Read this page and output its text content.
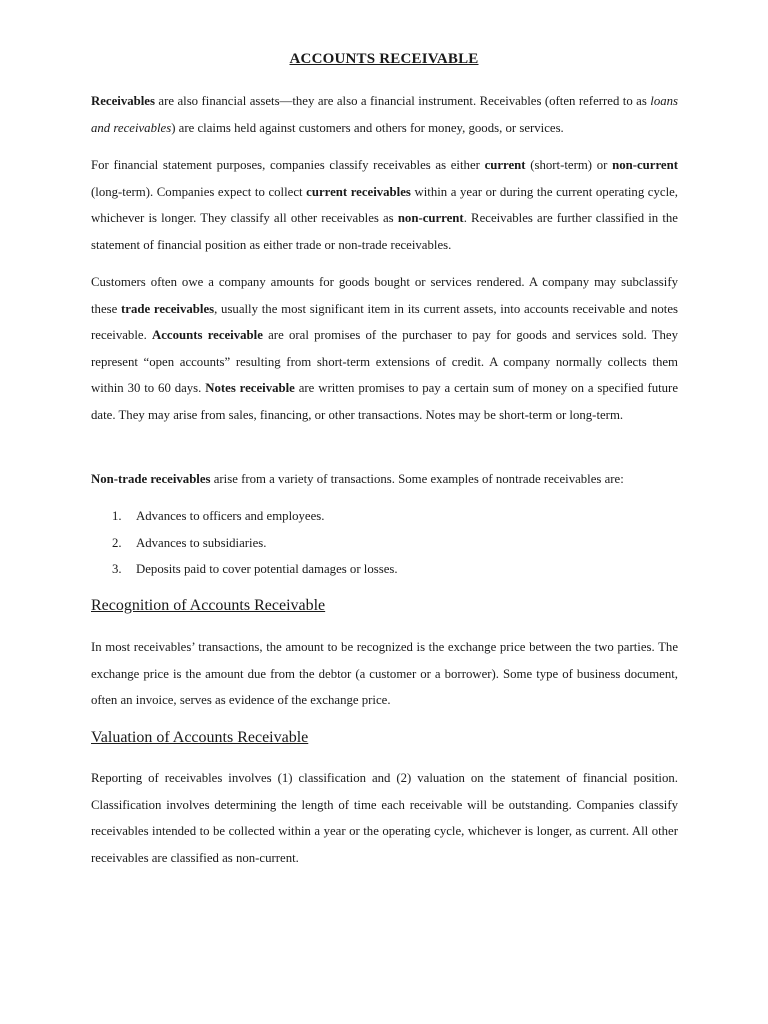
ACCOUNTS RECEIVABLE

Receivables are also financial assets—they are also a financial instrument. Receivables (often referred to as loans and receivables) are claims held against customers and others for money, goods, or services.

For financial statement purposes, companies classify receivables as either current (short-term) or non-current (long-term). Companies expect to collect current receivables within a year or during the current operating cycle, whichever is longer. They classify all other receivables as non-current. Receivables are further classified in the statement of financial position as either trade or non-trade receivables.

Customers often owe a company amounts for goods bought or services rendered. A company may subclassify these trade receivables, usually the most significant item in its current assets, into accounts receivable and notes receivable. Accounts receivable are oral promises of the purchaser to pay for goods and services sold. They represent “open accounts” resulting from short-term extensions of credit. A company normally collects them within 30 to 60 days. Notes receivable are written promises to pay a certain sum of money on a specified future date. They may arise from sales, financing, or other transactions. Notes may be short-term or long-term.

Non-trade receivables arise from a variety of transactions. Some examples of nontrade receivables are:

1. Advances to officers and employees.
2. Advances to subsidiaries.
3. Deposits paid to cover potential damages or losses.
Recognition of Accounts Receivable

In most receivables’ transactions, the amount to be recognized is the exchange price between the two parties. The exchange price is the amount due from the debtor (a customer or a borrower). Some type of business document, often an invoice, serves as evidence of the exchange price.

Valuation of Accounts Receivable

Reporting of receivables involves (1) classification and (2) valuation on the statement of financial position. Classification involves determining the length of time each receivable will be outstanding. Companies classify receivables intended to be collected within a year or the operating cycle, whichever is longer, as current. All other receivables are classified as non-current.
